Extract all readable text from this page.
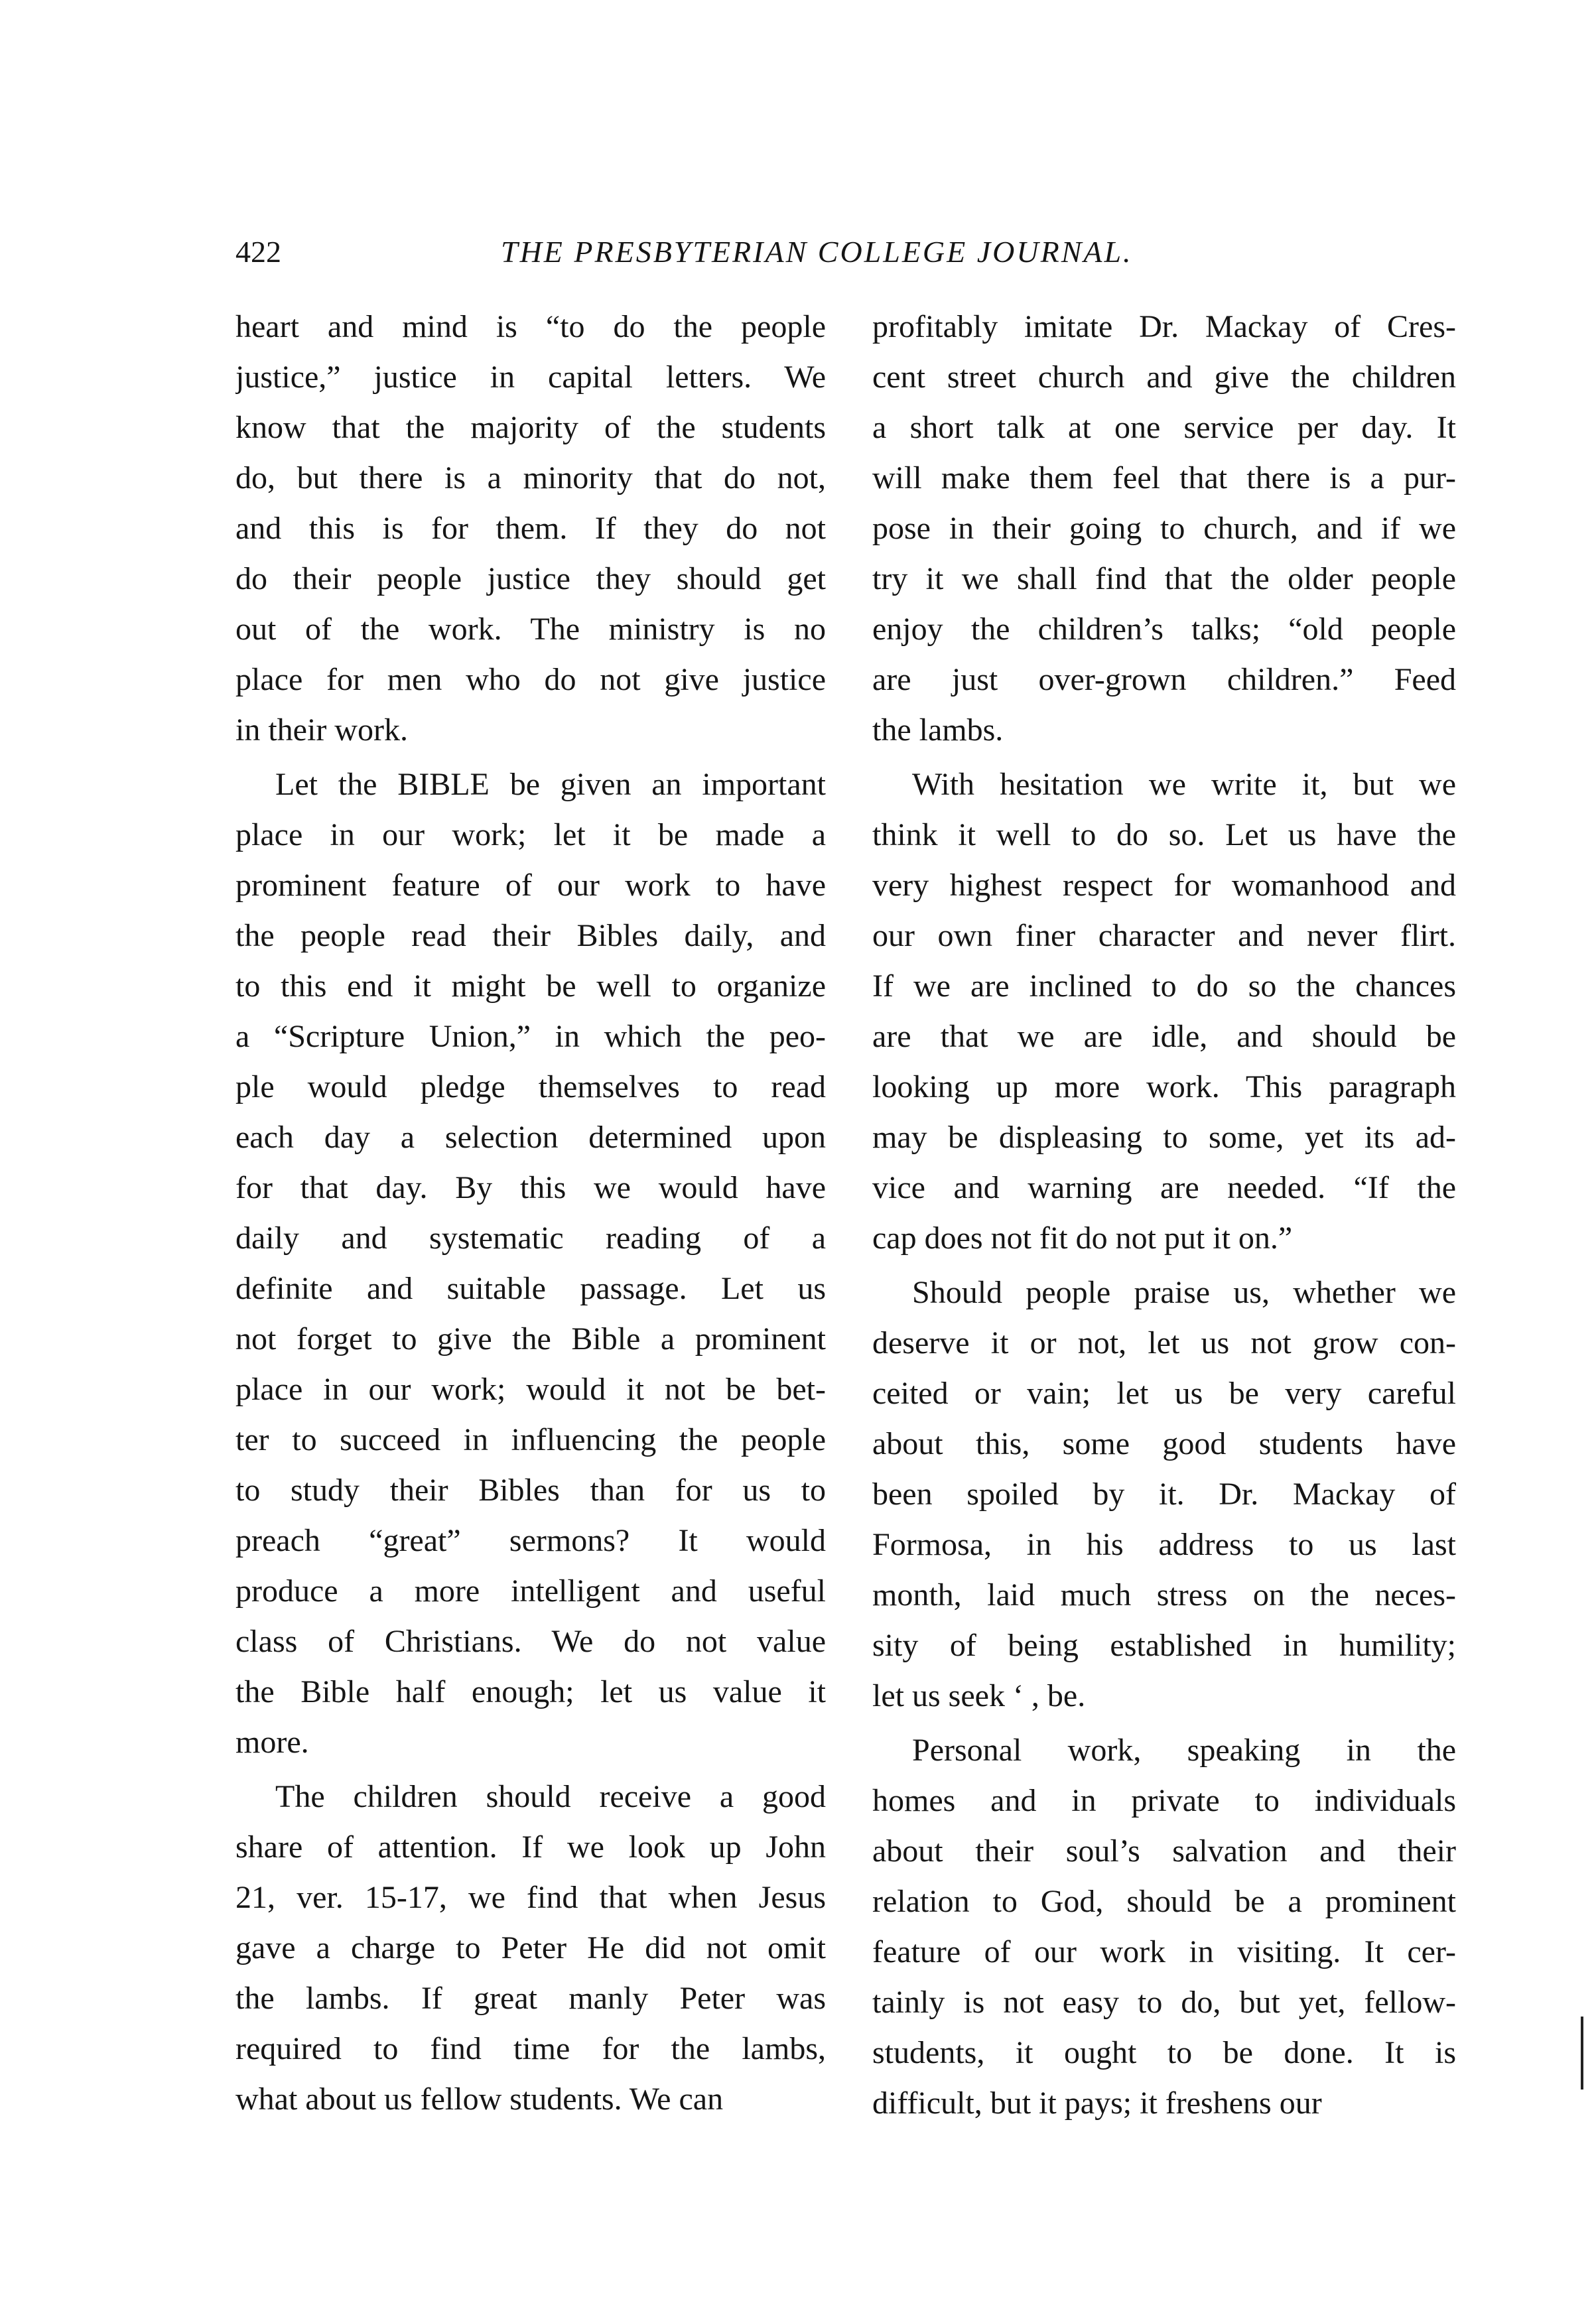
422	THE PRESBYTERIAN COLLEGE JOURNAL.

heart and mind is “to do the people
justice,” justice in capital letters. We
know that the majority of the students
do, but there is a minority that do not,
and this is for them. If they do not
do their people justice they should get
out of the work. The ministry is no
place for men who do not give justice
in their work.

Let the BIBLE be given an important
place in our work; let it be made a
prominent feature of our work to have
the people read their Bibles daily, and
to this end it might be well to organize
a “Scripture Union,” in which the peo-
ple would pledge themselves to read
each day a selection determined upon
for that day. By this we would have
daily and systematic reading of a
definite and suitable passage. Let us
not forget to give the Bible a prominent
place in our work; would it not be bet-
ter to succeed in influencing the people
to study their Bibles than for us to
preach “great” sermons? It would
produce a more intelligent and useful
class of Christians. We do not value
the Bible half enough; let us value it
more.

The children should receive a good
share of attention. If we look up John
21, ver. 15-17, we find that when Jesus
gave a charge to Peter He did not omit
the lambs. If great manly Peter was
required to find time for the lambs,
what about us fellow students. We can

profitably imitate Dr. Mackay of Cres-
cent street church and give the children
a short talk at one service per day. It
will make them feel that there is a pur-
pose in their going to church, and if we
try it we shall find that the older people
enjoy the children’s talks; “old people
are just over-grown children.” Feed
the lambs.

With hesitation we write it, but we
think it well to do so. Let us have the
very highest respect for womanhood and
our own finer character and never flirt.
If we are inclined to do so the chances
are that we are idle, and should be
looking up more work. This paragraph
may be displeasing to some, yet its ad-
vice and warning are needed. “If the
cap does not fit do not put it on.”

Should people praise us, whether we
deserve it or not, let us not grow con-
ceited or vain; let us be very careful
about this, some good students have
been spoiled by it. Dr. Mackay of
Formosa, in his address to us last
month, laid much stress on the neces-
sity of being established in humility;
let us seek ‘ , be.

Personal work, speaking in the
homes and in private to individuals
about their soul’s salvation and their
relation to God, should be a prominent
feature of our work in visiting. It cer-
tainly is not easy to do, but yet, fellow-
students, it ought to be done. It is
difficult, but it pays; it freshens our
